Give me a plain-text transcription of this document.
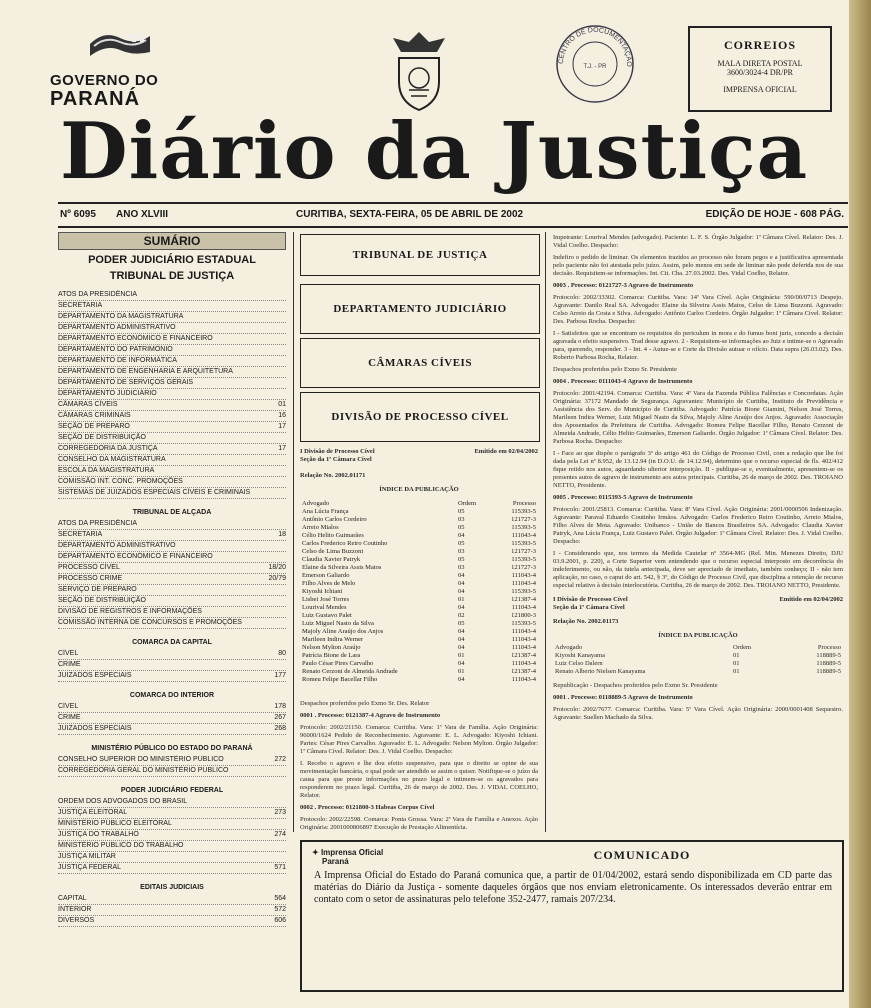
GOVERNO DO
PARANÁ
CENTRO DE DOCUMENTAÇÃO
T.J. - PR
CORREIOS
MALA DIRETA POSTAL
3600/3024-4 DR/PR
IMPRENSA OFICIAL
Diário da Justiça
Nº 6095 ANO XLVIII	CURITIBA, SEXTA-FEIRA, 05 DE ABRIL DE 2002	EDIÇÃO DE HOJE - 608 PÁG.
SUMÁRIO
PODER JUDICIÁRIO ESTADUAL
TRIBUNAL DE JUSTIÇA
ATOS DA PRESIDÊNCIA
SECRETARIA
DEPARTAMENTO DA MAGISTRATURA
DEPARTAMENTO ADMINISTRATIVO
DEPARTAMENTO ECONÔMICO E FINANCEIRO
DEPARTAMENTO DO PATRIMÔNIO
DEPARTAMENTO DE INFORMÁTICA
DEPARTAMENTO DE ENGENHARIA E ARQUITETURA
DEPARTAMENTO DE SERVIÇOS GERAIS
DEPARTAMENTO JUDICIÁRIO
CÂMARAS CÍVEIS	01
CÂMARAS CRIMINAIS	16
SEÇÃO DE PREPARO	17
SEÇÃO DE DISTRIBUIÇÃO
CORREGEDORIA DA JUSTIÇA	17
CONSELHO DA MAGISTRATURA
ESCOLA DA MAGISTRATURA
COMISSÃO INT. CONC. PROMOÇÕES
SISTEMAS DE JUIZADOS ESPECIAIS CÍVEIS E CRIMINAIS
TRIBUNAL DE ALÇADA
ATOS DA PRESIDÊNCIA
SECRETARIA	18
DEPARTAMENTO ADMINISTRATIVO
DEPARTAMENTO ECONÔMICO E FINANCEIRO
PROCESSO CÍVEL	18/20
PROCESSO CRIME	20/79
SERVIÇO DE PREPARO
SEÇÃO DE DISTRIBUIÇÃO
DIVISÃO DE REGISTROS E INFORMAÇÕES
COMISSÃO INTERNA DE CONCURSOS E PROMOÇÕES
COMARCA DA CAPITAL
CÍVEL	80
CRIME
JUIZADOS ESPECIAIS	177
COMARCA DO INTERIOR
CÍVEL	178
CRIME	267
JUIZADOS ESPECIAIS	268
MINISTÉRIO PÚBLICO DO ESTADO DO PARANÁ
CONSELHO SUPERIOR DO MINISTÉRIO PÚBLICO	272
CORREGEDORIA GERAL DO MINISTÉRIO PÚBLICO
PODER JUDICIÁRIO FEDERAL
ORDEM DOS ADVOGADOS DO BRASIL
JUSTIÇA ELEITORAL	273
MINISTÉRIO PÚBLICO ELEITORAL
JUSTIÇA DO TRABALHO	274
MINISTÉRIO PÚBLICO DO TRABALHO
JUSTIÇA MILITAR
JUSTIÇA FEDERAL	571
EDITAIS JUDICIAIS
CAPITAL	564
INTERIOR	572
DIVERSOS	606
TRIBUNAL DE JUSTIÇA
DEPARTAMENTO JUDICIÁRIO
CÂMARAS CÍVEIS
DIVISÃO DE PROCESSO CÍVEL
I Divisão de Processo Cível	Emitido em 02/04/2002
Seção da 1ª Câmara Cível
Relação No. 2002.01171
ÍNDICE DA PUBLICAÇÃO
Advogado	Ordem	Processo
Ana Lúcia França	05	115393-5
Antônio Carlos Cordeiro	03	121727-3
Arreio Mialos	05	115393-5
Célio Helito Guimarães	04	111043-4
Carlos Frederico Reiro Coutinho	05	115393-5
Celso de Lima Buzzoni	03	121727-3
Claudia Xavier Patryk	05	115393-5
Elaine da Silveira Assis Matos	03	121727-3
Emerson Galiardo	04	111043-4
Filho Alves de Melo	04	111043-4
Kiyoshi Ichiani	04	115393-5
Lisbet José Torres	01	121387-4
Lourival Mendes	04	111043-4
Luiz Gustavo Palet	02	121800-3
Luiz Miguel Nasto da Silva	05	115393-5
Majoly Aline Araújo dos Anjos	04	111043-4
Marileen Indira Werner	04	111043-4
Nelson Mylton Araújo	04	111043-4
Patrícia Bione de Lara	01	121387-4
Paulo César Pires Carvalho	04	111043-4
Renato Cerzoni de Almeida Andrade	01	121387-4
Romeu Felipe Bacellar Filho	04	111043-4

Despachos proferidos pelo Exmo Sr. Des. Relator

0001 . Processo: 0121387-4 Agravo de Instrumento

Protocolo: 2002/21150. Comarca: Curitiba. Vara: 1ª Vara de Família. Ação Originária: 96000/1624 Pedido de Reconhecimento. Agravante: E. L. Advogado: Kiyoshi Ichiani. Partes: César Pires Carvalho. Agravado: E. L. Advogado: Nelson Mylton. Órgão Julgador: 1ª Câmara Cível. Relator: Des. J. Vidal Coelho. Despacho:

I. Recebo o agravo e lhe dou efeito suspensivo, para que o direito se opine de sua movimentação bancária, o qual pode ser atendido se assim o quiser. Notifique-se o juízo da causa para que preste informações no prazo legal e intimem-se os agravados para responderem no prazo legal. Curitiba, 26 de março de 2002. Des. J. VIDAL COELHO, Relator.

0002 . Processo: 0121800-3 Habeas Corpus Cível

Protocolo: 2002/22598. Comarca: Ponta Grossa. Vara: 2ª Vara de Família e Anexos. Ação Originária: 2001000806897 Execução de Prestação Alimentícia.

Impetrante: Lourival Mendes (advogado). Paciente: L. F. S. Órgão Julgador: 1ª Câmara Cível. Relator: Des. J. Vidal Coelho. Despacho:

Indefiro o pedido de liminar. Os elementos trazidos ao processo não foram pegos e a justificativa apresentada pelo paciente não foi atestada pelo juízo. Assim, pelo menos em sede de liminar não pode deferida nos de sua decisão. Requisitem-se informações. Int. Cit. Cba. 27.03.2002. Des. Vidal Coelho, Relator.

0003 . Processo: 0121727-3 Agravo de Instrumento

Protocolo: 2002/33302. Comarca: Curitiba. Vara: 14ª Vara Cível. Ação Originária: 590/00/0713 Despejo. Agravante: Danilo Real SA. Advogado: Elaine da Silveira Assis Matos, Celso de Lima Buzzoni. Agravado: Celso Arreio da Costa e Silva. Advogado: Antônio Carlos Cordeiro. Órgão Julgador: 1ª Câmara Cível. Relator: Des. Parbosa Rocha. Despacho:

I - Satisfeitos que se encontram os requisitos do periculum in mora e do fumus boni juris, concedo a decisão agravada o efeito suspensivo. Trad desse agravo. 2 - Requisitem-se informações ao Juiz e intime-se o Agravado para, querendo, responder. 3 - Int. 4 - Autue-se e Corte da Divisão autuar o ofício. Data supra (26.03.02). Des. Roberto Parbosa Rocha, Relator.

Despachos proferidos pelo Exmo Sr. Presidente

0004 . Processo: 0111043-4 Agravo de Instrumento

Protocolo: 2001/42194. Comarca: Curitiba. Vara: 4ª Vara da Fazenda Pública Falências e Concordatas. Ação Originária: 37172 Mandado de Segurança. Agravantes: Município de Curitiba, Instituto de Previdência e Assistência dos Serv. do Município de Curitiba. Advogado: Patrícia Bione Giamini, Nelson José Torres, Marileen Indira Werner, Luiz Miguel Nasto da Silva, Majoly Aline Araújo dos Anjos. Agravado: Associação dos Aposentados da Prefeitura de Curitiba. Advogado: Romeu Felipe Bacellar Filho, Renato Cerzoni de Almeida Andrade, Célio Helito Guimarães, Emerson Galiardo. Órgão Julgador: 1ª Câmara Cível. Relator: Des. Parbosa Rocha. Despacho:

I - Face ao que dispõe o parágrafo 3º do artigo 461 do Código de Processo Civil, com a redação que lhe foi dada pela Lei nº 8.952, de 13.12.94 (in D.O.U. de 14.12.94), determino que o recurso especial de fls. 402/412 fique retido nos autos, aguardando ulterior interposição. II - publique-se e, eventualmente, apresentem-se os presentes autos de agravo de instrumento aos autos principais. Curitiba, 26 de março de 2002. Des. TROIANO NETTO, Presidente.

0005 . Processo: 0115393-5 Agravo de Instrumento

Protocolo: 2001/25813. Comarca: Curitiba. Vara: 8ª Vara Cível. Ação Originária: 2001/0000506 Indenização. Agravante: Paraval Eduardo Coutinho Irmãos. Advogado: Carlos Frederico Reiro Coutinho, Arreio Mialos, Filho Alves de Mota. Agravado: Unibanco - União de Bancos Brasileiros SA. Advogado: Claudia Xavier Patryk, Ana Lúcia França, Luiz Gustavo Palet. Órgão Julgador: 1ª Câmara Cível. Relator: Des. J. Vidal Coelho. Despacho:

I - Considerando que, nos termos da Medida Cautelar nº 3564-MG (Rel. Min. Menezes Direito, DJU 03.9.2001, p. 220), a Corte Superior vem entendendo que o recurso especial interposto em decorrência do indeferimento, ou não, da tutela antecipada, deve ser apreciado de imediato, também conheço; II - não tem aplicação, no caso, o caput do art. 542, § 3º, do Código de Processo Civil, que disciplina a retenção de recurso especial relativo à decisão interlocutória. Curitiba, 26 de março de 2002. Des. TROIANO NETTO, Presidente.

I Divisão de Processo Cível	Emitido em 02/04/2002
Seção da 1ª Câmara Cível
Relação No. 2002.01173
ÍNDICE DA PUBLICAÇÃO
Advogado	Ordem	Processo
Kiyoshi Kanayama	01	118889-5
Luiz Celso Dalern	01	118889-5
Renato Alberto Nielsen Kanayama	01	118889-5

Republicação - Despachos proferidos pelo Exmo Sr. Presidente

0001 . Processo: 0118889-5 Agravo de Instrumento

Protocolo: 2002/7677. Comarca: Curitiba. Vara: 5ª Vara Cível. Ação Originária: 2000/0001408 Sequestro. Agravante: Suellen Machado da Silva.

✦ Imprensa Oficial
Paraná	COMUNICADO
A Imprensa Oficial do Estado do Paraná comunica que, a partir de 01/04/2002, estará sendo disponibilizada em CD parte das matérias do Diário da Justiça - somente daqueles órgãos que nos enviam eletronicamente. Os interessados deverão entrar em contato com o setor de assinaturas pelo telefone 352-2477, ramais 207/234.
